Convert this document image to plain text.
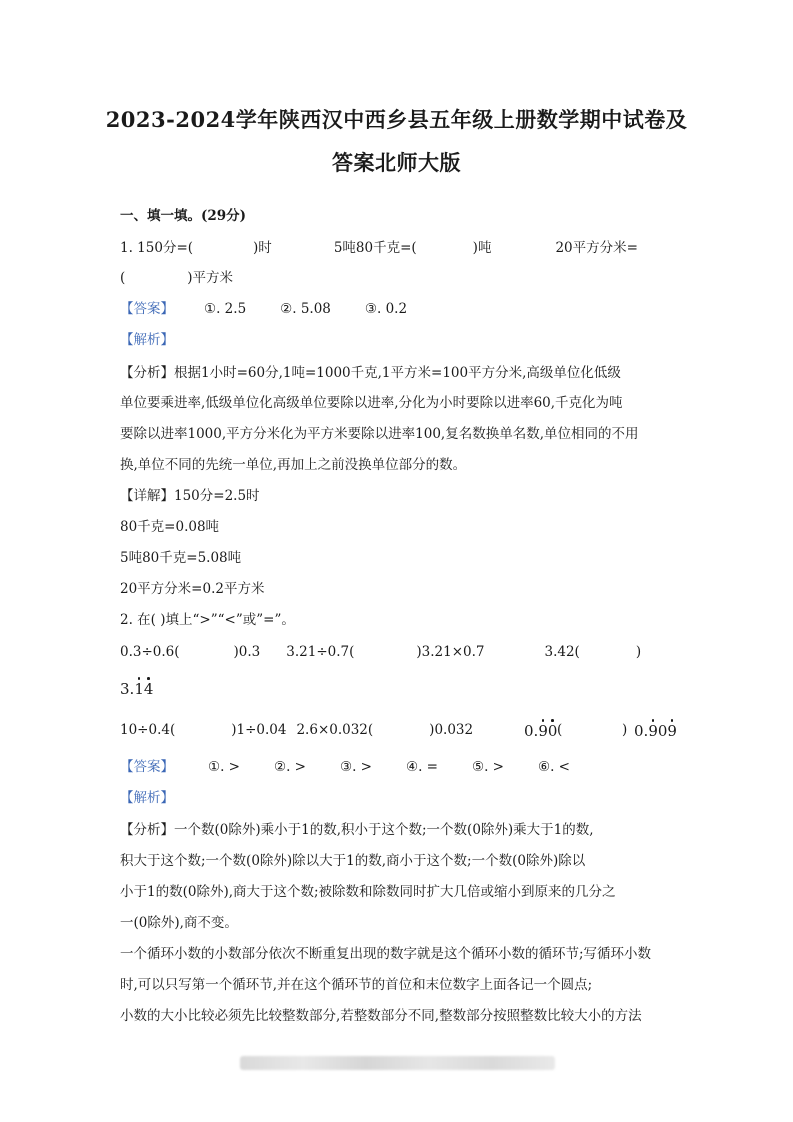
2023-2024学年陕西汉中西乡县五年级上册数学期中试卷及
答案北师大版
一、填一填。(29分)
1. 150分=(	)时	5吨80千克=(	)吨	20平方分米=
(	)平方米
【答案】 ①. 2.5	②. 5.08	③. 0.2
【解析】
【分析】根据1小时=60分,1吨=1000千克,1平方米=100平方分米,高级单位化低级
单位要乘进率,低级单位化高级单位要除以进率,分化为小时要除以进率60,千克化为吨
要除以进率1000,平方分米化为平方米要除以进率100,复名数换单名数,单位相同的不用
换,单位不同的先统一单位,再加上之前没换单位部分的数。
【详解】150分=2.5时
80千克=0.08吨
5吨80千克=5.08吨
20平方分米=0.2平方米
2. 在( )填上“>”“<”或”=”。
0.3÷0.6(	)0.3 3.21÷0.7(	)3.21×0.7	3.42(	)
3.14
10÷0.4(	)1÷0.04 2.6×0.032(	)0.032	0.90 (	) 0.909
【答案】	①. >	②. >	③. >	④. =	⑤. >	⑥. <
【解析】
【分析】一个数(0除外)乘小于1的数,积小于这个数;一个数(0除外)乘大于1的数,
积大于这个数;一个数(0除外)除以大于1的数,商小于这个数;一个数(0除外)除以
小于1的数(0除外),商大于这个数;被除数和除数同时扩大几倍或缩小到原来的几分之
一(0除外),商不变。
一个循环小数的小数部分依次不断重复出现的数字就是这个循环小数的循环节;写循环小数
时,可以只写第一个循环节,并在这个循环节的首位和末位数字上面各记一个圆点;
小数的大小比较必须先比较整数部分,若整数部分不同,整数部分按照整数比较大小的方法
